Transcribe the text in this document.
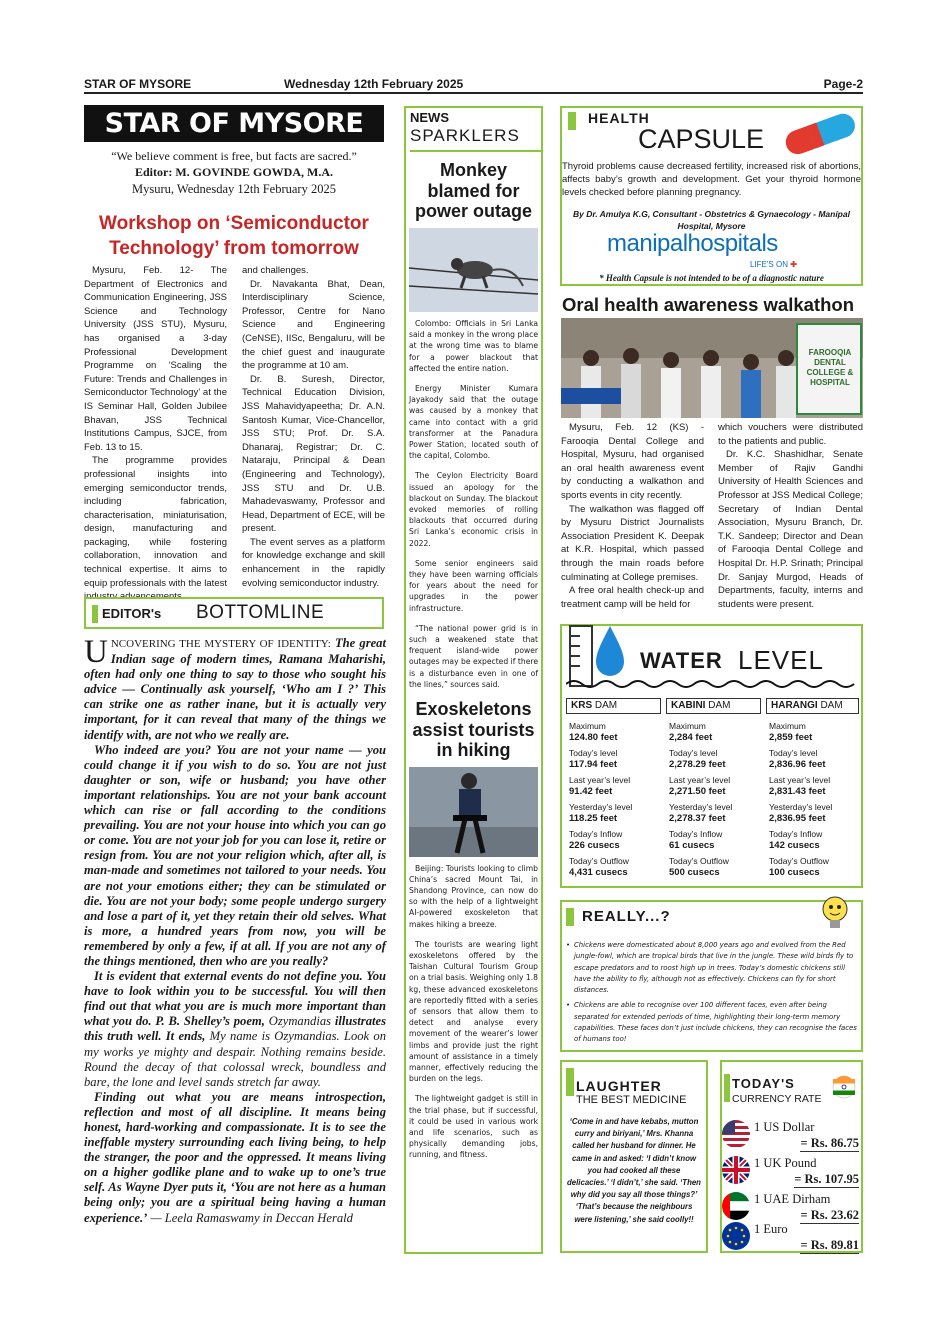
STAR OF MYSORE	Wednesday 12th February 2025	Page-2
STAR OF MYSORE
“We believe comment is free, but facts are sacred.”
Editor: M. GOVINDE GOWDA, M.A.
Mysuru, Wednesday 12th February 2025
Workshop on ‘Semiconductor Technology’ from tomorrow

Mysuru, Feb. 12- The Department of Electronics and Communication Engineering, JSS Science and Technology University (JSS STU), Mysuru, has organised a 3-day Professional Development Programme on ‘Scaling the Future: Trends and Challenges in Semiconductor Technology’ at the IS Seminar Hall, Golden Jubilee Bhavan, JSS Technical Institutions Campus, SJCE, from Feb. 13 to 15.

The programme provides professional insights into emerging semiconductor trends, including fabrication, characterisation, miniaturisation, design, manufacturing and packaging, while fostering collaboration, innovation and technical expertise. It aims to equip professionals with the latest

and challenges.

Dr. Navakanta Bhat, Dean, Interdisciplinary Science, Professor, Centre for Nano Science and Engineering (CeNSE), IISc, Bengaluru, will be the chief guest and inaugurate the programme at 10 am.

Dr. B. Suresh, Director, Technical Education Division, JSS Mahavidyapeetha; Dr. A.N. Santosh Kumar, Vice-Chancellor, JSS STU; Prof. Dr. S.A. Dhanaraj, Registrar; Dr. C. Nataraju, Principal & Dean (Engineering and Technology), JSS STU and Dr. U.B. Mahadevaswamy, Professor and Head, Department of ECE, will be present.

The event serves as a platform for knowledge exchange and skill enhancement in the rapidly evolving semiconductor industry.

EDITOR's BOTTOMLINE

UNCOVERING THE MYSTERY OF IDENTITY: The great Indian sage of modern times, Ramana Maharishi, often had only one thing to say to those who sought his advice — Continually ask yourself, ‘Who am I ?’ This can strike one as rather inane, but it is actually very important, for it can reveal that many of the things we identify with, are not who we really are.

Who indeed are you? You are not your name — you could change it if you wish to do so. You are not just daughter or son, wife or husband; you have other important relationships. You are not your bank account which can rise or fall according to the conditions prevailing. You are not your house into which you can go or come. You are not your job for you can lose it, retire or resign from. You are not your religion which, after all, is man-made and sometimes not tailored to your needs. You are not your emotions either; they can be stimulated or die. You are not your body; some people undergo surgery and lose a part of it, yet they retain their old selves. What is more, a hundred years from now, you will be remembered by only a few, if at all. If you are not any of the things mentioned, then who are you really?

It is evident that external events do not define you. You have to look within you to be successful. You will then find out that what you are is much more important than what you do. P. B. Shelley’s poem, Ozymandias illustrates this truth well. It ends, My name is Ozymandias. Look on my works ye mighty and despair. Nothing remains beside. Round the decay of that colossal wreck, boundless and bare, the lone and level sands stretch far away.

Finding out what you are means introspection, reflection and most of all discipline. It means being honest, hard-working and compassionate. It is to see the ineffable mystery surrounding each living being, to help the stranger, the poor and the oppressed. It means living on a higher godlike plane and to wake up to one’s true self. As Wayne Dyer puts it, ‘You are not here as a human being only; you are a spiritual being having a human experience.’ — Leela Ramaswamy in Deccan Herald

NEWS
SPARKLERS
Monkey blamed for power outage

Colombo: Officials in Sri Lanka said a monkey in the wrong place at the wrong time was to blame for a power blackout that affected the entire nation.

Energy Minister Kumara Jayakody said that the outage was caused by a monkey that came into contact with a grid transformer at the Panadura Power Station, located south of the capital, Colombo.

The Ceylon Electricity Board issued an apology for the blackout on Sunday. The blackout evoked memories of rolling blackouts that occurred during Sri Lanka’s economic crisis in 2022.

Some senior engineers said they have been warning officials for years about the need for upgrades in the power infrastructure.

“The national power grid is in such a weakened state that frequent island-wide power outages may be expected if there is a disturbance even in one of the lines,” sources said.

Exoskeletons assist tourists in hiking

Beijing: Tourists looking to climb China’s sacred Mount Tai, in Shandong Province, can now do so with the help of a lightweight AI-powered exoskeleton that makes hiking a breeze.

The tourists are wearing light exoskeletons offered by the Taishan Cultural Tourism Group on a trial basis. Weighing only 1.8 kg, these advanced exoskeletons are reportedly fitted with a series of sensors that allow them to detect and analyse every movement of the wearer’s lower limbs and provide just the right amount of assistance in a timely manner, effectively reducing the burden on the legs.

The lightweight gadget is still in the trial phase, but if successful, it could be used in various work and life scenarios, such as physically demanding jobs, running, and fitness.

HEALTH
CAPSULE
Thyroid problems cause decreased fertility, increased risk of abortions, affects baby’s growth and development. Get your thyroid hormone levels checked before planning pregnancy.
By Dr. Amulya K.G, Consultant - Obstetrics & Gynaecology - Manipal Hospital, Mysore
manipalhospitals
LIFE'S ON ✚
* Health Capsule is not intended to be of a diagnostic nature
Oral health awareness walkathon
FAROOQIA
DENTAL
COLLEGE &
HOSPITAL

Mysuru, Feb. 12 (KS) - Farooqia Dental College and Hospital, Mysuru, had organised an oral health awareness event by conducting a walkathon and sports events in city recently.

The walkathon was flagged off by Mysuru District Journalists Association President K. Deepak at K.R. Hospital, which passed through the main roads before culminating at College premises.

A free oral health check-up and treatment camp will be held for

which vouchers were distributed to the patients and public.

Dr. K.C. Shashidhar, Senate Member of Rajiv Gandhi University of Health Sciences and Professor at JSS Medical College; Secretary of Indian Dental Association, Mysuru Branch, Dr. T.K. Sandeep; Director and Dean of Farooqia Dental College and Hospital Dr. H.P. Srinath; Principal Dr. Sanjay Murgod, Heads of Departments, faculty, interns and students were present.

WATER LEVEL
KRS DAM
Maximum
124.80 feet
Today’s level
117.94 feet
Last year’s level
91.42 feet
Yesterday’s level
118.25 feet
Today’s Inflow
226 cusecs
Today’s Outflow
4,431 cusecs
KABINI DAM
Maximum
2,284 feet
Today’s level
2,278.29 feet
Last year’s level
2,271.50 feet
Yesterday’s level
2,278.37 feet
Today’s Inflow
61 cusecs
Today’s Outflow
500 cusecs
HARANGI DAM
Maximum
2,859 feet
Today’s level
2,836.96 feet
Last year’s level
2,831.43 feet
Yesterday’s level
2,836.95 feet
Today’s Inflow
142 cusecs
Today’s Outflow
100 cusecs
REALLY...?
• Chickens were domesticated about 8,000 years ago and evolved from the Red jungle-fowl, which are tropical birds that live in the jungle. These wild birds fly to escape predators and to roost high up in trees. Today’s domestic chickens still have the ability to fly, although not as effectively. Chickens can fly for short distances.
• Chickens are able to recognise over 100 different faces, even after being separated for extended periods of time, highlighting their long-term memory capabilities. These faces don’t just include chickens, they can recognise the faces of humans too!
LAUGHTER
THE BEST MEDICINE
‘Come in and have kebabs, mutton curry and biriyani,’ Mrs. Khanna called her husband for dinner. He came in and asked: ‘I didn’t know you had cooked all these delicacies.’ ‘I didn’t,’ she said. ‘Then why did you say all those things?’ ‘That’s because the neighbours were listening,’ she said coolly!!
TODAY'S
CURRENCY RATE
1 US Dollar
= Rs. 86.75
1 UK Pound
= Rs. 107.95
1 UAE Dirham
= Rs. 23.62
1 Euro
= Rs. 89.81
